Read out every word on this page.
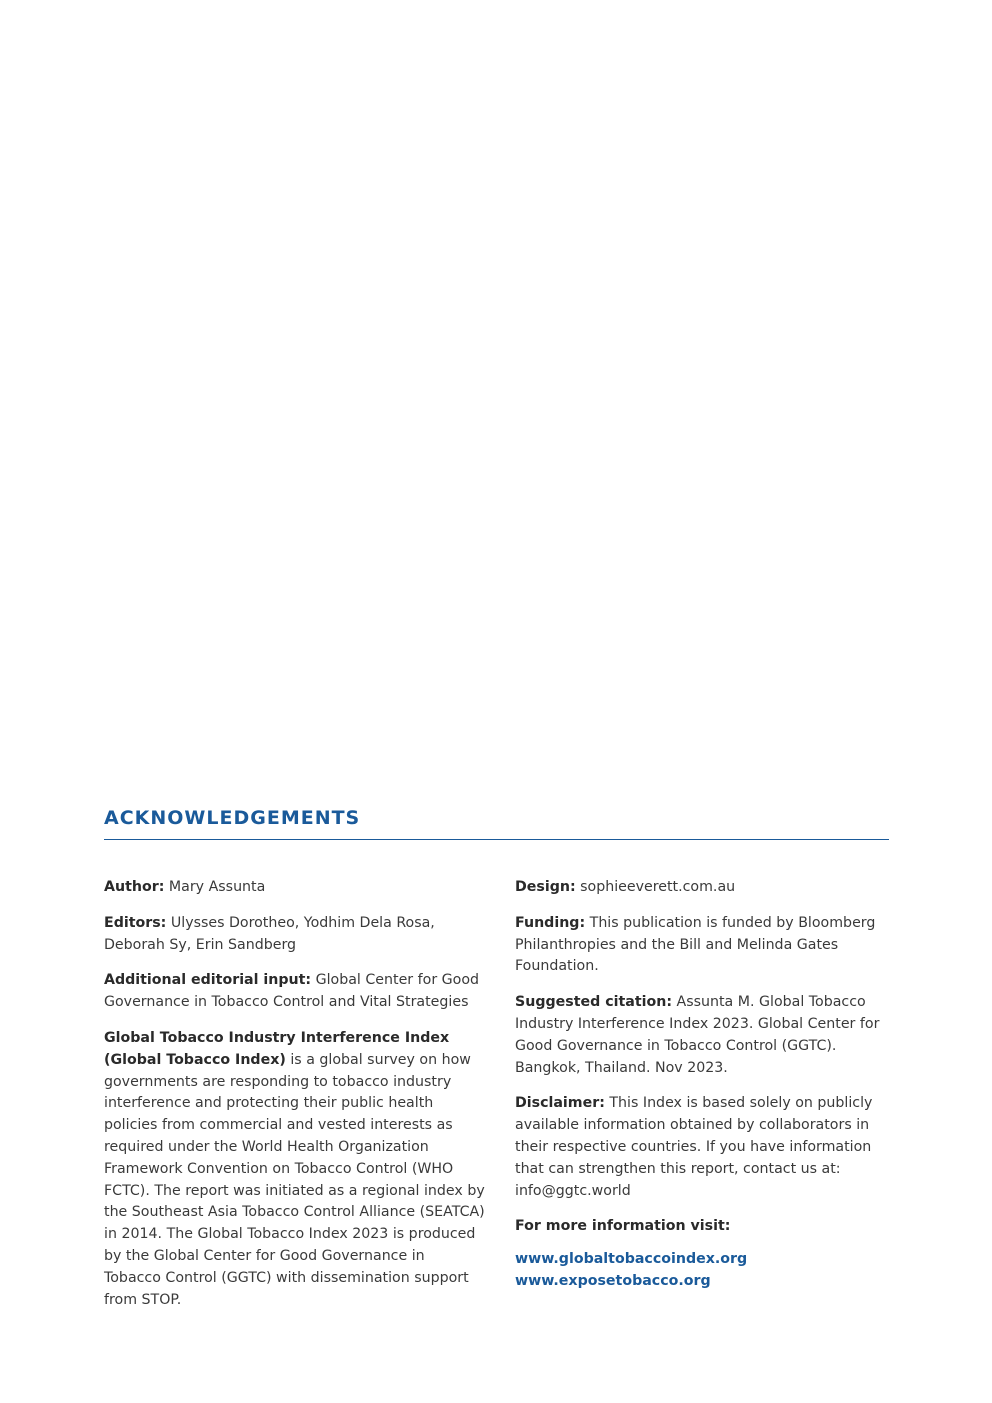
ACKNOWLEDGEMENTS

Author: Mary Assunta

Editors: Ulysses Dorotheo, Yodhim Dela Rosa, Deborah Sy, Erin Sandberg

Additional editorial input: Global Center for Good Governance in Tobacco Control and Vital Strategies

Global Tobacco Industry Interference Index (Global Tobacco Index) is a global survey on how governments are responding to tobacco industry interference and protecting their public health policies from commercial and vested interests as required under the World Health Organization Framework Convention on Tobacco Control (WHO FCTC). The report was initiated as a regional index by the Southeast Asia Tobacco Control Alliance (SEATCA) in 2014. The Global Tobacco Index 2023 is produced by the Global Center for Good Governance in Tobacco Control (GGTC) with dissemination support from STOP.

Design: sophieeverett.com.au

Funding: This publication is funded by Bloomberg Philanthropies and the Bill and Melinda Gates Foundation.

Suggested citation: Assunta M. Global Tobacco Industry Interference Index 2023. Global Center for Good Governance in Tobacco Control (GGTC). Bangkok, Thailand. Nov 2023.

Disclaimer: This Index is based solely on publicly available information obtained by collaborators in their respective countries. If you have information that can strengthen this report, contact us at: info@ggtc.world

For more information visit:

www.globaltobaccoindex.org
www.exposetobacco.org
